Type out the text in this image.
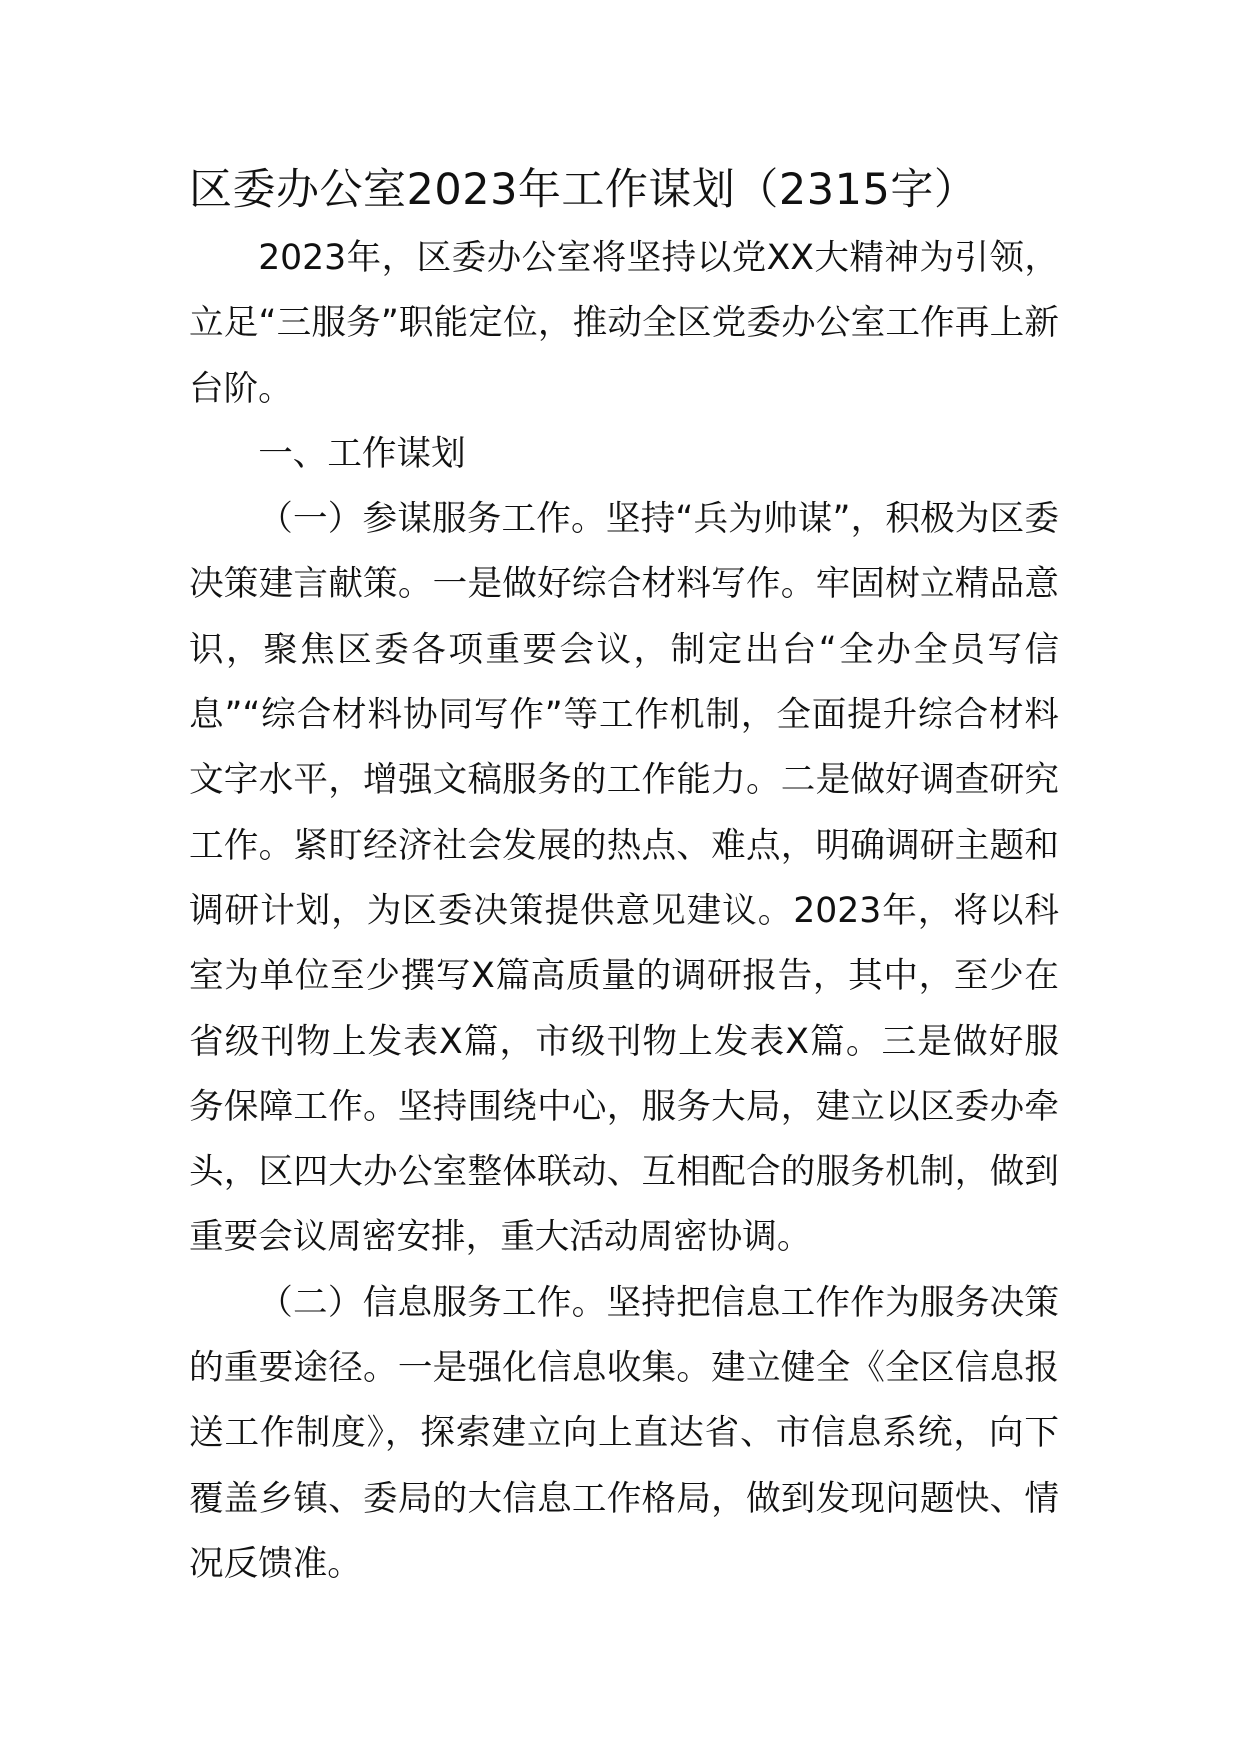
区委办公室2023年工作谋划（2315字）

2023年，区委办公室将坚持以党XX大精神为引领，立足“三服务”职能定位，推动全区党委办公室工作再上新台阶。

一、工作谋划

（一）参谋服务工作。坚持“兵为帅谋”，积极为区委决策建言献策。一是做好综合材料写作。牢固树立精品意识，聚焦区委各项重要会议，制定出台“全办全员写信息”“综合材料协同写作”等工作机制，全面提升综合材料文字水平，增强文稿服务的工作能力。二是做好调查研究工作。紧盯经济社会发展的热点、难点，明确调研主题和调研计划，为区委决策提供意见建议。2023年，将以科室为单位至少撰写X篇高质量的调研报告，其中，至少在省级刊物上发表X篇，市级刊物上发表X篇。三是做好服务保障工作。坚持围绕中心，服务大局，建立以区委办牵头，区四大办公室整体联动、互相配合的服务机制，做到重要会议周密安排，重大活动周密协调。

（二）信息服务工作。坚持把信息工作作为服务决策的重要途径。一是强化信息收集。建立健全《全区信息报送工作制度》，探索建立向上直达省、市信息系统，向下覆盖乡镇、委局的大信息工作格局，做到发现问题快、情况反馈准。
